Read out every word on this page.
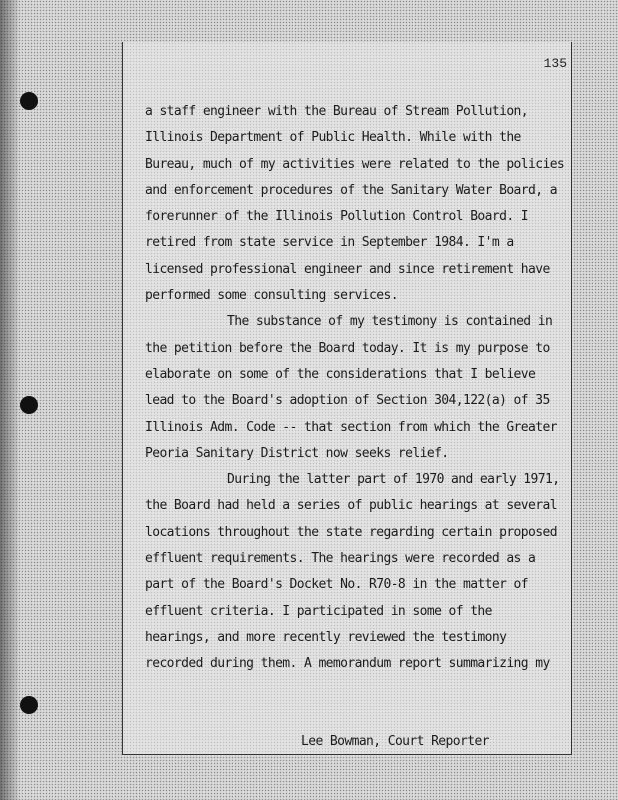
135
a staff engineer with the Bureau of Stream Pollution,
Illinois Department of Public Health. While with the
Bureau, much of my activities were related to the policies
and enforcement procedures of the Sanitary Water Board, a
forerunner of the Illinois Pollution Control Board. I
retired from state service in September 1984. I'm a
licensed professional engineer and since retirement have
performed some consulting services.
The substance of my testimony is contained in
the petition before the Board today. It is my purpose to
elaborate on some of the considerations that I believe
lead to the Board's adoption of Section 304,122(a) of 35
Illinois Adm. Code -- that section from which the Greater
Peoria Sanitary District now seeks relief.
During the latter part of 1970 and early 1971,
the Board had held a series of public hearings at several
locations throughout the state regarding certain proposed
effluent requirements. The hearings were recorded as a
part of the Board's Docket No. R70-8 in the matter of
effluent criteria. I participated in some of the
hearings, and more recently reviewed the testimony
recorded during them. A memorandum report summarizing my
Lee Bowman, Court Reporter
